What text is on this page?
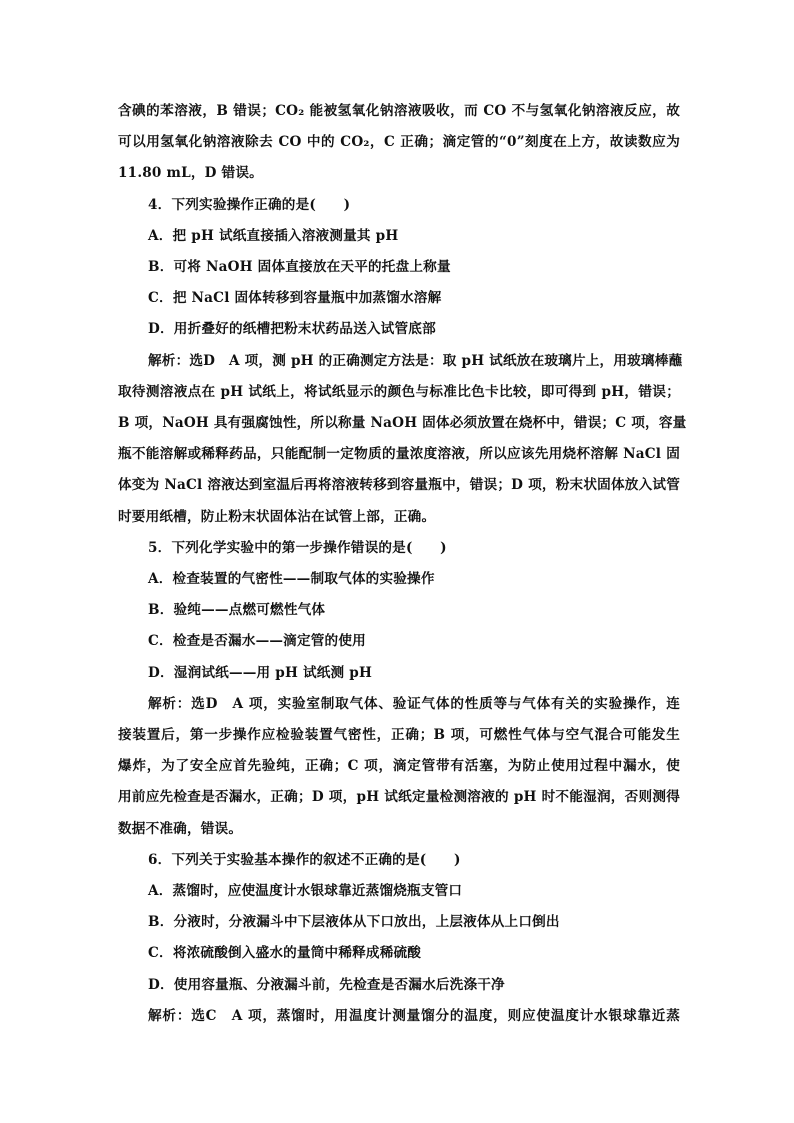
含碘的苯溶液，B 错误；CO₂ 能被氢氧化钠溶液吸收，而 CO 不与氢氧化钠溶液反应，故
可以用氢氧化钠溶液除去 CO 中的 CO₂，C 正确；滴定管的“0”刻度在上方，故读数应为
11.80 mL，D 错误。
4．下列实验操作正确的是(　　)
A．把 pH 试纸直接插入溶液测量其 pH
B．可将 NaOH 固体直接放在天平的托盘上称量
C．把 NaCl 固体转移到容量瓶中加蒸馏水溶解
D．用折叠好的纸槽把粉末状药品送入试管底部
解析：选D　A 项，测 pH 的正确测定方法是：取 pH 试纸放在玻璃片上，用玻璃棒蘸
取待测溶液点在 pH 试纸上，将试纸显示的颜色与标准比色卡比较，即可得到 pH，错误；
B 项，NaOH 具有强腐蚀性，所以称量 NaOH 固体必须放置在烧杯中，错误；C 项，容量
瓶不能溶解或稀释药品，只能配制一定物质的量浓度溶液，所以应该先用烧杯溶解 NaCl 固
体变为 NaCl 溶液达到室温后再将溶液转移到容量瓶中，错误；D 项，粉末状固体放入试管
时要用纸槽，防止粉末状固体沾在试管上部，正确。
5．下列化学实验中的第一步操作错误的是(　　)
A．检查装置的气密性——制取气体的实验操作
B．验纯——点燃可燃性气体
C．检查是否漏水——滴定管的使用
D．湿润试纸——用 pH 试纸测 pH
解析：选D　A 项，实验室制取气体、验证气体的性质等与气体有关的实验操作，连
接装置后，第一步操作应检验装置气密性，正确；B 项，可燃性气体与空气混合可能发生
爆炸，为了安全应首先验纯，正确；C 项，滴定管带有活塞，为防止使用过程中漏水，使
用前应先检查是否漏水，正确；D 项，pH 试纸定量检测溶液的 pH 时不能湿润，否则测得
数据不准确，错误。
6．下列关于实验基本操作的叙述不正确的是(　　)
A．蒸馏时，应使温度计水银球靠近蒸馏烧瓶支管口
B．分液时，分液漏斗中下层液体从下口放出，上层液体从上口倒出
C．将浓硫酸倒入盛水的量筒中稀释成稀硫酸
D．使用容量瓶、分液漏斗前，先检查是否漏水后洗涤干净
解析：选C　A 项，蒸馏时，用温度计测量馏分的温度，则应使温度计水银球靠近蒸
